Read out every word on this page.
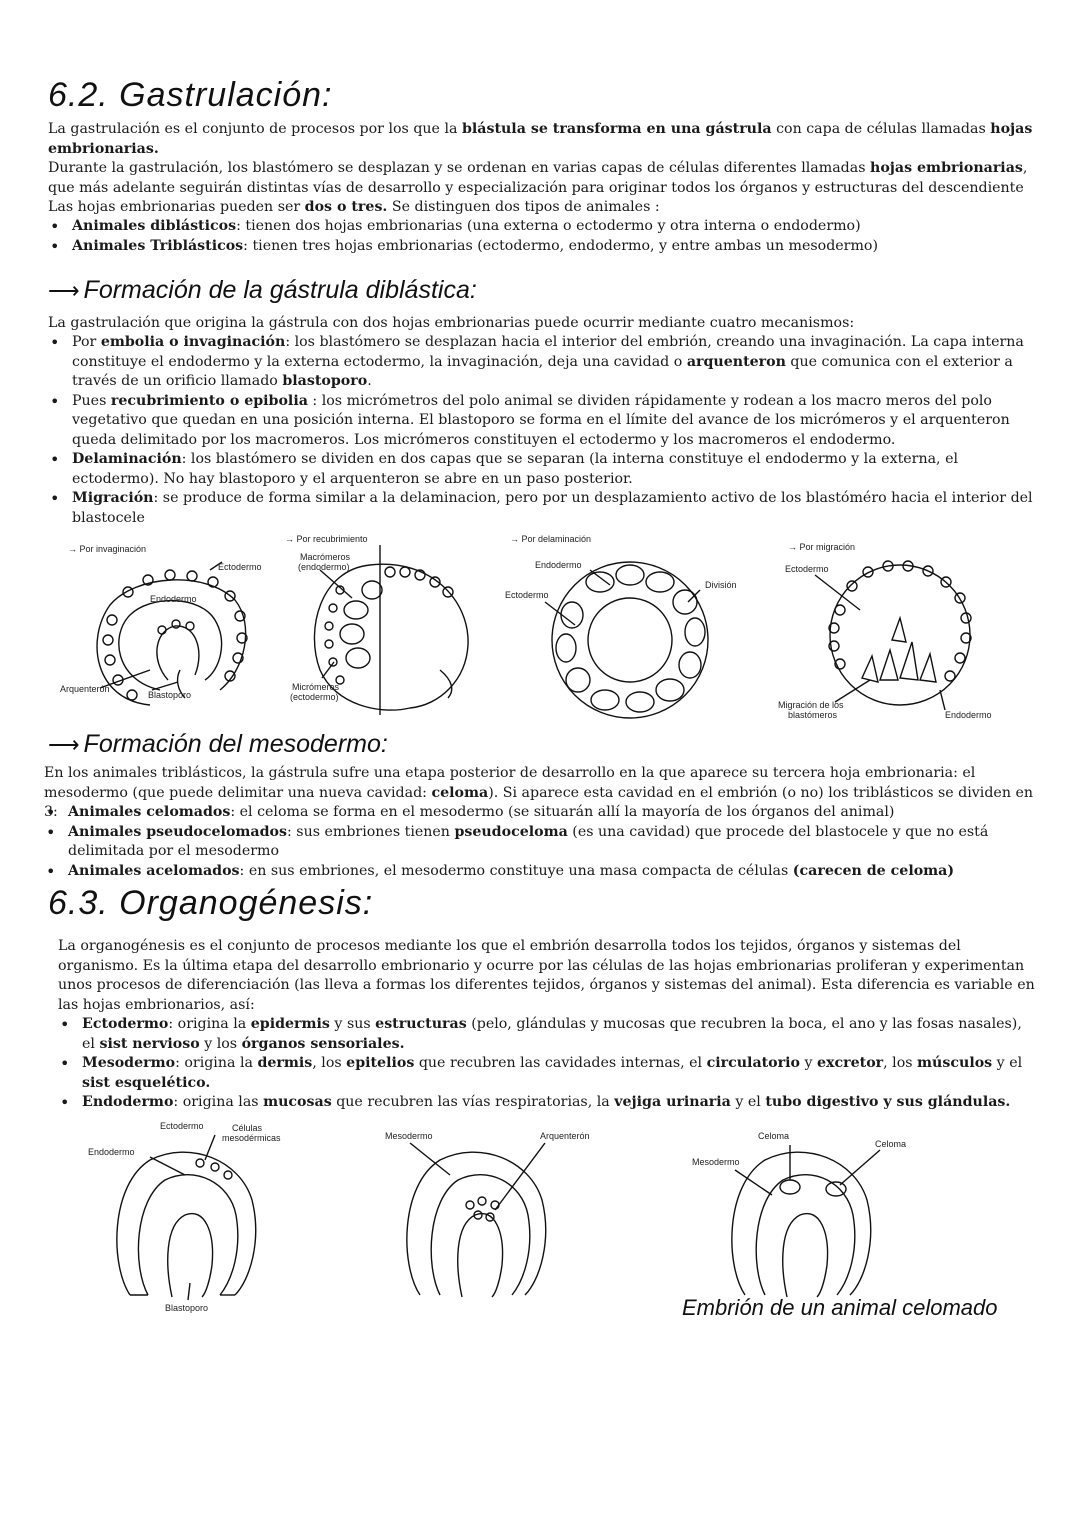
6.2. Gastrulación:

La gastrulación es el conjunto de procesos por los que la blástula se transforma en una gástrula con capa de células llamadas hojas embrionarias.

Durante la gastrulación, los blastómero se desplazan y se ordenan en varias capas de células diferentes llamadas hojas embrionarias, que más adelante seguirán distintas vías de desarrollo y especialización para originar todos los órganos y estructuras del descendiente

Las hojas embrionarias pueden ser dos o tres. Se distinguen dos tipos de animales :

• Animales diblásticos: tienen dos hojas embrionarias (una externa o ectodermo y otra interna o endodermo)
• Animales Triblásticos: tienen tres hojas embrionarias (ectodermo, endodermo, y entre ambas un mesodermo)
⟶ Formación de la gástrula diblástica:

La gastrulación que origina la gástrula con dos hojas embrionarias puede ocurrir mediante cuatro mecanismos:

• Por embolia o invaginación: los blastómero se desplazan hacia el interior del embrión, creando una invaginación. La capa interna constituye el endodermo y la externa ectodermo, la invaginación, deja una cavidad o arquenteron que comunica con el exterior a través de un orificio llamado blastoporo.
• Pues recubrimiento o epibolia : los micrómetros del polo animal se dividen rápidamente y rodean a los macro meros del polo vegetativo que quedan en una posición interna. El blastoporo se forma en el límite del avance de los micrómeros y el arquenteron queda delimitado por los macromeros. Los micrómeros constituyen el ectodermo y los macromeros el endodermo.
• Delaminación: los blastómero se dividen en dos capas que se separan (la interna constituye el endodermo y la externa, el ectodermo). No hay blastoporo y el arquenteron se abre en un paso posterior.
• Migración: se produce de forma similar a la delaminacion, pero por un desplazamiento activo de los blastóméro hacia el interior del blastocele
→ Por invaginación
Ectodermo
Endodermo
Arquenterón
Blastoporo
→ Por recubrimiento
Macrómeros
(endodermo)
Micrómeros
(ectodermo)
→ Por delaminación
Endodermo
Ectodermo
División
→ Por migración
Ectodermo
Migración de los
blastómeros	Endodermo
⟶ Formación del mesodermo:

En los animales triblásticos, la gástrula sufre una etapa posterior de desarrollo en la que aparece su tercera hoja embrionaria: el mesodermo (que puede delimitar una nueva cavidad: celoma). Si aparece esta cavidad en el embrión (o no) los triblásticos se dividen en 3:

• Animales celomados: el celoma se forma en el mesodermo (se situarán allí la mayoría de los órganos del animal)
• Animales pseudocelomados: sus embriones tienen pseudoceloma (es una cavidad) que procede del blastocele y que no está delimitada por el mesodermo
• Animales acelomados: en sus embriones, el mesodermo constituye una masa compacta de células (carecen de celoma)
6.3. Organogénesis:

La organogénesis es el conjunto de procesos mediante los que el embrión desarrolla todos los tejidos, órganos y sistemas del organismo. Es la última etapa del desarrollo embrionario y ocurre por las células de las hojas embrionarias proliferan y experimentan unos procesos de diferenciación (las lleva a formas los diferentes tejidos, órganos y sistemas del animal). Esta diferencia es variable en las hojas embrionarios, así:

• Ectodermo: origina la epidermis y sus estructuras (pelo, glándulas y mucosas que recubren la boca, el ano y las fosas nasales), el sist nervioso y los órganos sensoriales.
• Mesodermo: origina la dermis, los epitelios que recubren las cavidades internas, el circulatorio y excretor, los músculos y el sist esquelético.
• Endodermo: origina las mucosas que recubren las vías respiratorias, la vejiga urinaria y el tubo digestivo y sus glándulas.
Endodermo
Ectodermo	Células
mesodérmicas
Blastoporo
Mesodermo	Arquenterón	Celoma
Celoma
Mesodermo
Embrión de un animal celomado
